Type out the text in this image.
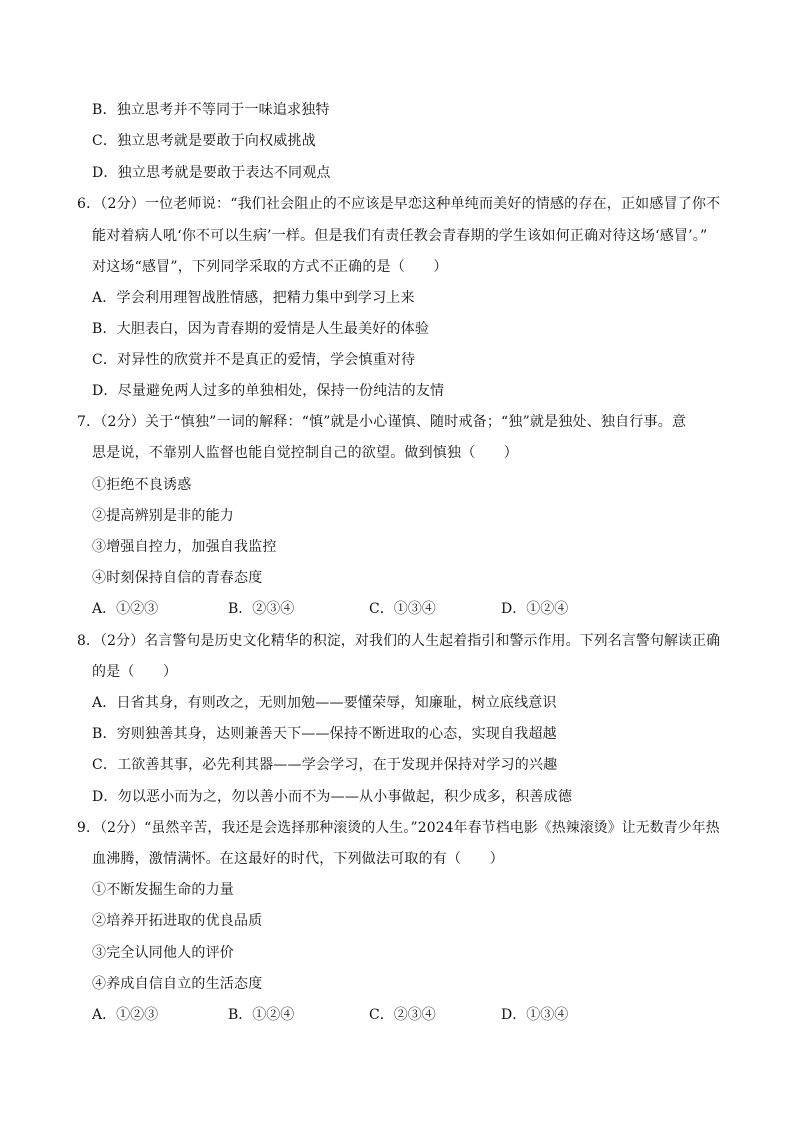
B．独立思考并不等同于一味追求独特
C．独立思考就是要敢于向权威挑战
D．独立思考就是要敢于表达不同观点
6．（2分）一位老师说：“我们社会阻止的不应该是早恋这种单纯而美好的情感的存在，正如感冒了你不
能对着病人吼‘你不可以生病’一样。但是我们有责任教会青春期的学生该如何正确对待这场‘感冒’。”
对这场“感冒”，下列同学采取的方式不正确的是（　　）
A．学会利用理智战胜情感，把精力集中到学习上来
B．大胆表白，因为青春期的爱情是人生最美好的体验
C．对异性的欣赏并不是真正的爱情，学会慎重对待
D．尽量避免两人过多的单独相处，保持一份纯洁的友情
7．（2分）关于“慎独”一词的解释：“慎”就是小心谨慎、随时戒备；“独”就是独处、独自行事。意
思是说，不靠别人监督也能自觉控制自己的欲望。做到慎独（　　）
①拒绝不良诱惑
②提高辨别是非的能力
③增强自控力，加强自我监控
④时刻保持自信的青春态度
A．①②③	B．②③④	C．①③④	D．①②④
8．（2分）名言警句是历史文化精华的积淀，对我们的人生起着指引和警示作用。下列名言警句解读正确
的是（　　）
A．日省其身，有则改之，无则加勉——要懂荣辱，知廉耻，树立底线意识
B．穷则独善其身，达则兼善天下——保持不断进取的心态，实现自我超越
C．工欲善其事，必先利其器——学会学习，在于发现并保持对学习的兴趣
D．勿以恶小而为之，勿以善小而不为——从小事做起，积少成多，积善成德
9．（2分）“虽然辛苦，我还是会选择那种滚烫的人生。”2024年春节档电影《热辣滚烫》让无数青少年热
血沸腾，激情满怀。在这最好的时代，下列做法可取的有（　　）
①不断发掘生命的力量
②培养开拓进取的优良品质
③完全认同他人的评价
④养成自信自立的生活态度
A．①②③	B．①②④	C．②③④	D．①③④
